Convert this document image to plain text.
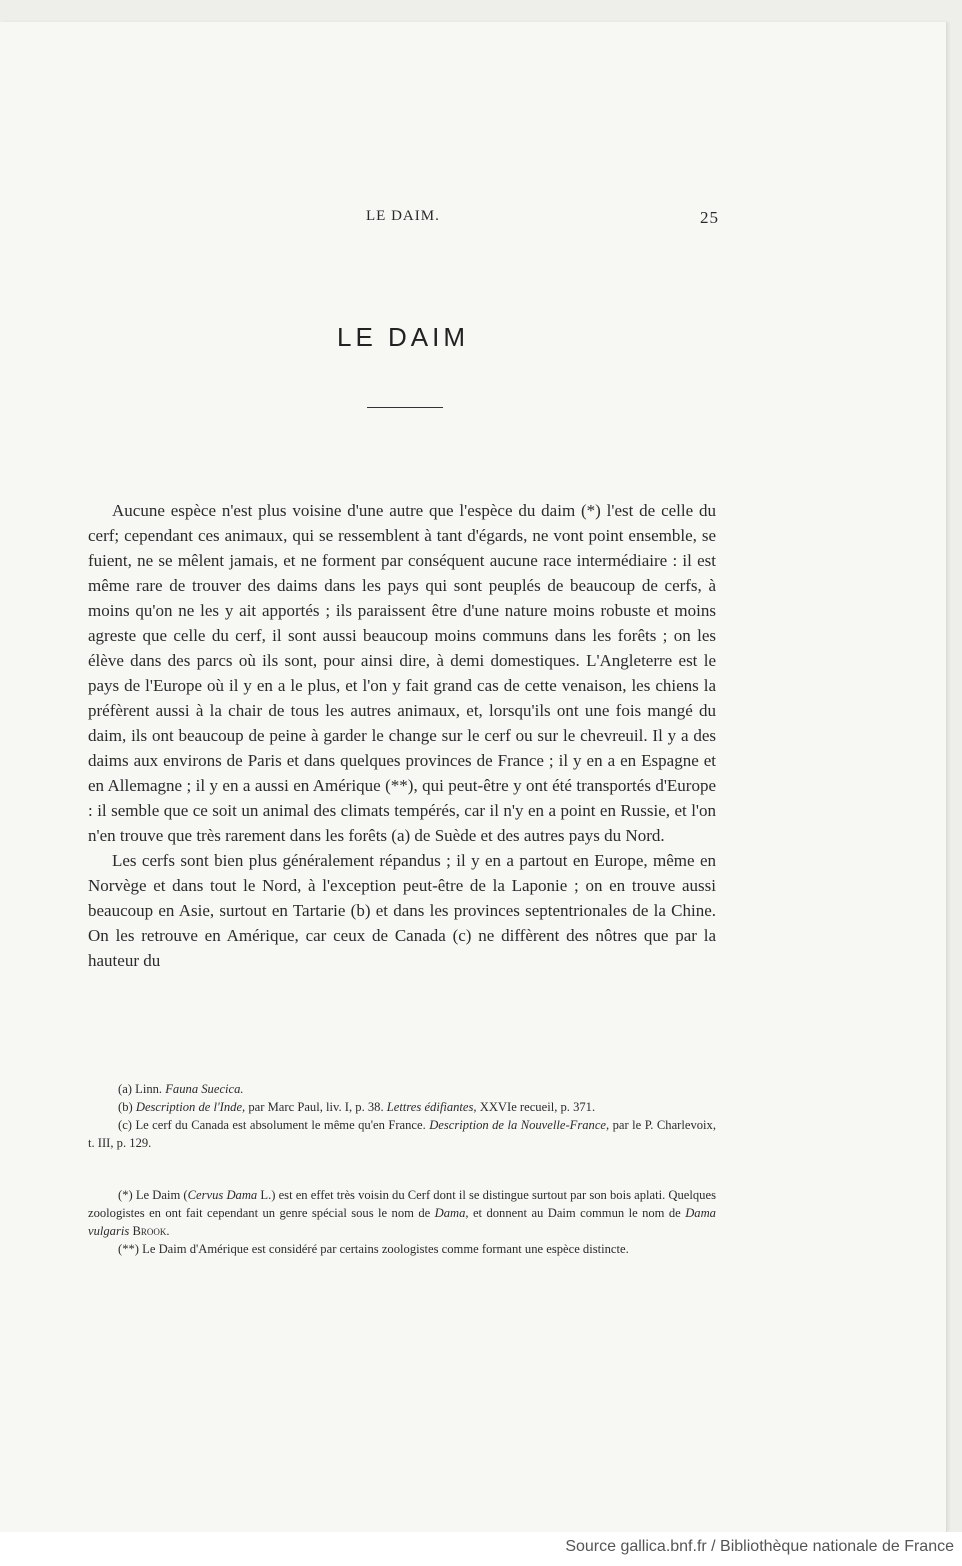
LE DAIM.	25
LE DAIM

Aucune espèce n'est plus voisine d'une autre que l'espèce du daim (*) l'est de celle du cerf; cependant ces animaux, qui se ressemblent à tant d'égards, ne vont point ensemble, se fuient, ne se mêlent jamais, et ne forment par conséquent aucune race intermédiaire : il est même rare de trouver des daims dans les pays qui sont peuplés de beaucoup de cerfs, à moins qu'on ne les y ait apportés ; ils paraissent être d'une nature moins robuste et moins agreste que celle du cerf, il sont aussi beaucoup moins communs dans les forêts ; on les élève dans des parcs où ils sont, pour ainsi dire, à demi domestiques. L'Angleterre est le pays de l'Europe où il y en a le plus, et l'on y fait grand cas de cette venaison, les chiens la préfèrent aussi à la chair de tous les autres animaux, et, lorsqu'ils ont une fois mangé du daim, ils ont beaucoup de peine à garder le change sur le cerf ou sur le chevreuil. Il y a des daims aux environs de Paris et dans quelques provinces de France ; il y en a en Espagne et en Allemagne ; il y en a aussi en Amérique (**), qui peut-être y ont été transportés d'Europe : il semble que ce soit un animal des climats tempérés, car il n'y en a point en Russie, et l'on n'en trouve que très rarement dans les forêts (a) de Suède et des autres pays du Nord.

Les cerfs sont bien plus généralement répandus ; il y en a partout en Europe, même en Norvège et dans tout le Nord, à l'exception peut-être de la Laponie ; on en trouve aussi beaucoup en Asie, surtout en Tartarie (b) et dans les provinces septentrionales de la Chine. On les retrouve en Amérique, car ceux de Canada (c) ne diffèrent des nôtres que par la hauteur du

(a) Linn. Fauna Suecica.

(b) Description de l'Inde, par Marc Paul, liv. I, p. 38. Lettres édifiantes, XXVIe recueil, p. 371.

(c) Le cerf du Canada est absolument le même qu'en France. Description de la Nouvelle-France, par le P. Charlevoix, t. III, p. 129.

(*) Le Daim (Cervus Dama L.) est en effet très voisin du Cerf dont il se distingue surtout par son bois aplati. Quelques zoologistes en ont fait cependant un genre spécial sous le nom de Dama, et donnent au Daim commun le nom de Dama vulgaris Brook.

(**) Le Daim d'Amérique est considéré par certains zoologistes comme formant une espèce distincte.

Source gallica.bnf.fr / Bibliothèque nationale de France
